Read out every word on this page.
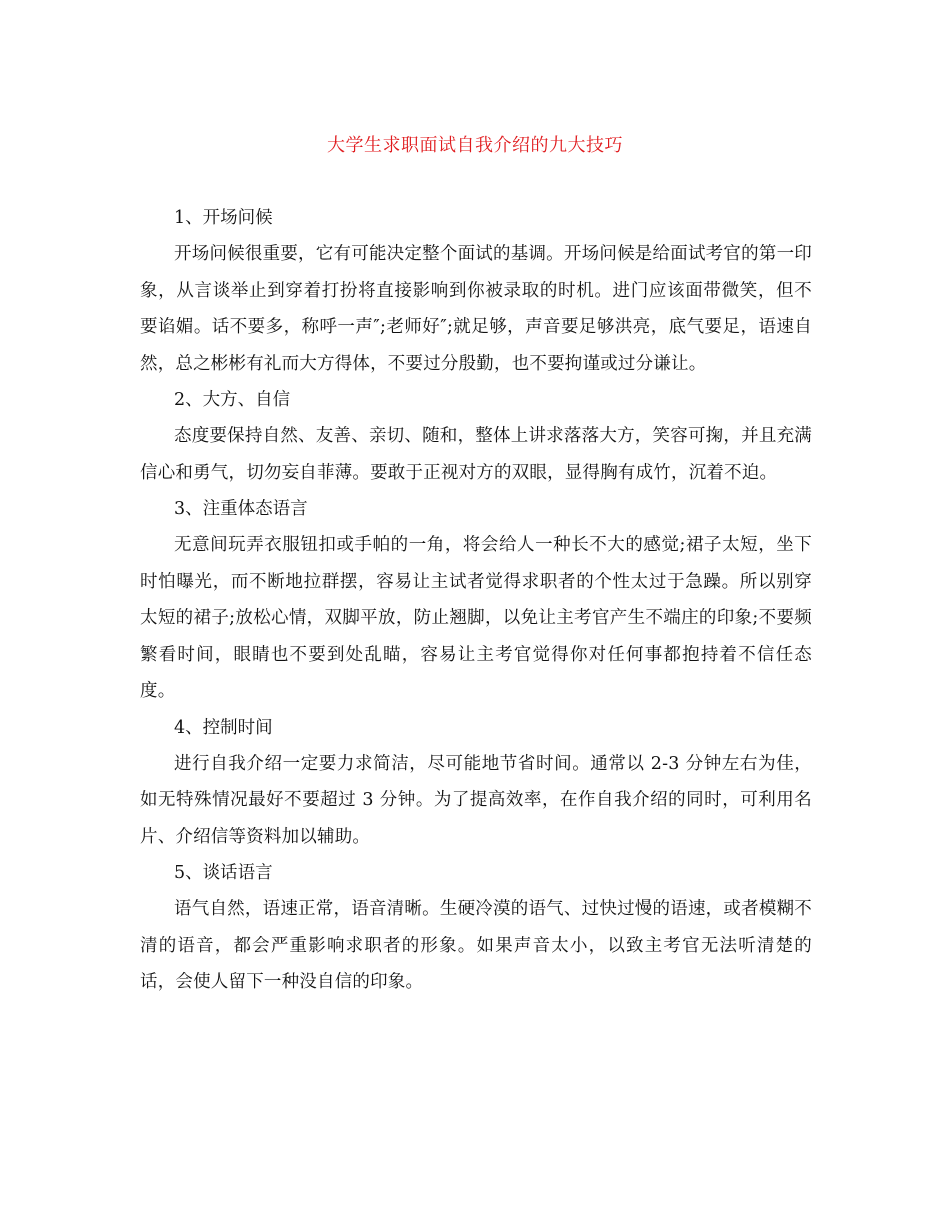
大学生求职面试自我介绍的九大技巧

1、开场问候

开场问候很重要，它有可能决定整个面试的基调。开场问候是给面试考官的第一印象，从言谈举止到穿着打扮将直接影响到你被录取的时机。进门应该面带微笑，但不要谄媚。话不要多，称呼一声″;老师好″;就足够，声音要足够洪亮，底气要足，语速自然，总之彬彬有礼而大方得体，不要过分殷勤，也不要拘谨或过分谦让。

2、大方、自信

态度要保持自然、友善、亲切、随和，整体上讲求落落大方，笑容可掬，并且充满信心和勇气，切勿妄自菲薄。要敢于正视对方的双眼，显得胸有成竹，沉着不迫。

3、注重体态语言

无意间玩弄衣服钮扣或手帕的一角，将会给人一种长不大的感觉;裙子太短，坐下时怕曝光，而不断地拉群摆，容易让主试者觉得求职者的个性太过于急躁。所以别穿太短的裙子;放松心情，双脚平放，防止翘脚，以免让主考官产生不端庄的印象;不要频繁看时间，眼睛也不要到处乱瞄，容易让主考官觉得你对任何事都抱持着不信任态度。

4、控制时间

进行自我介绍一定要力求简洁，尽可能地节省时间。通常以 2-3 分钟左右为佳，如无特殊情况最好不要超过 3 分钟。为了提高效率，在作自我介绍的同时，可利用名片、介绍信等资料加以辅助。

5、谈话语言

语气自然，语速正常，语音清晰。生硬冷漠的语气、过快过慢的语速，或者模糊不清的语音，都会严重影响求职者的形象。如果声音太小，以致主考官无法听清楚的话，会使人留下一种没自信的印象。
